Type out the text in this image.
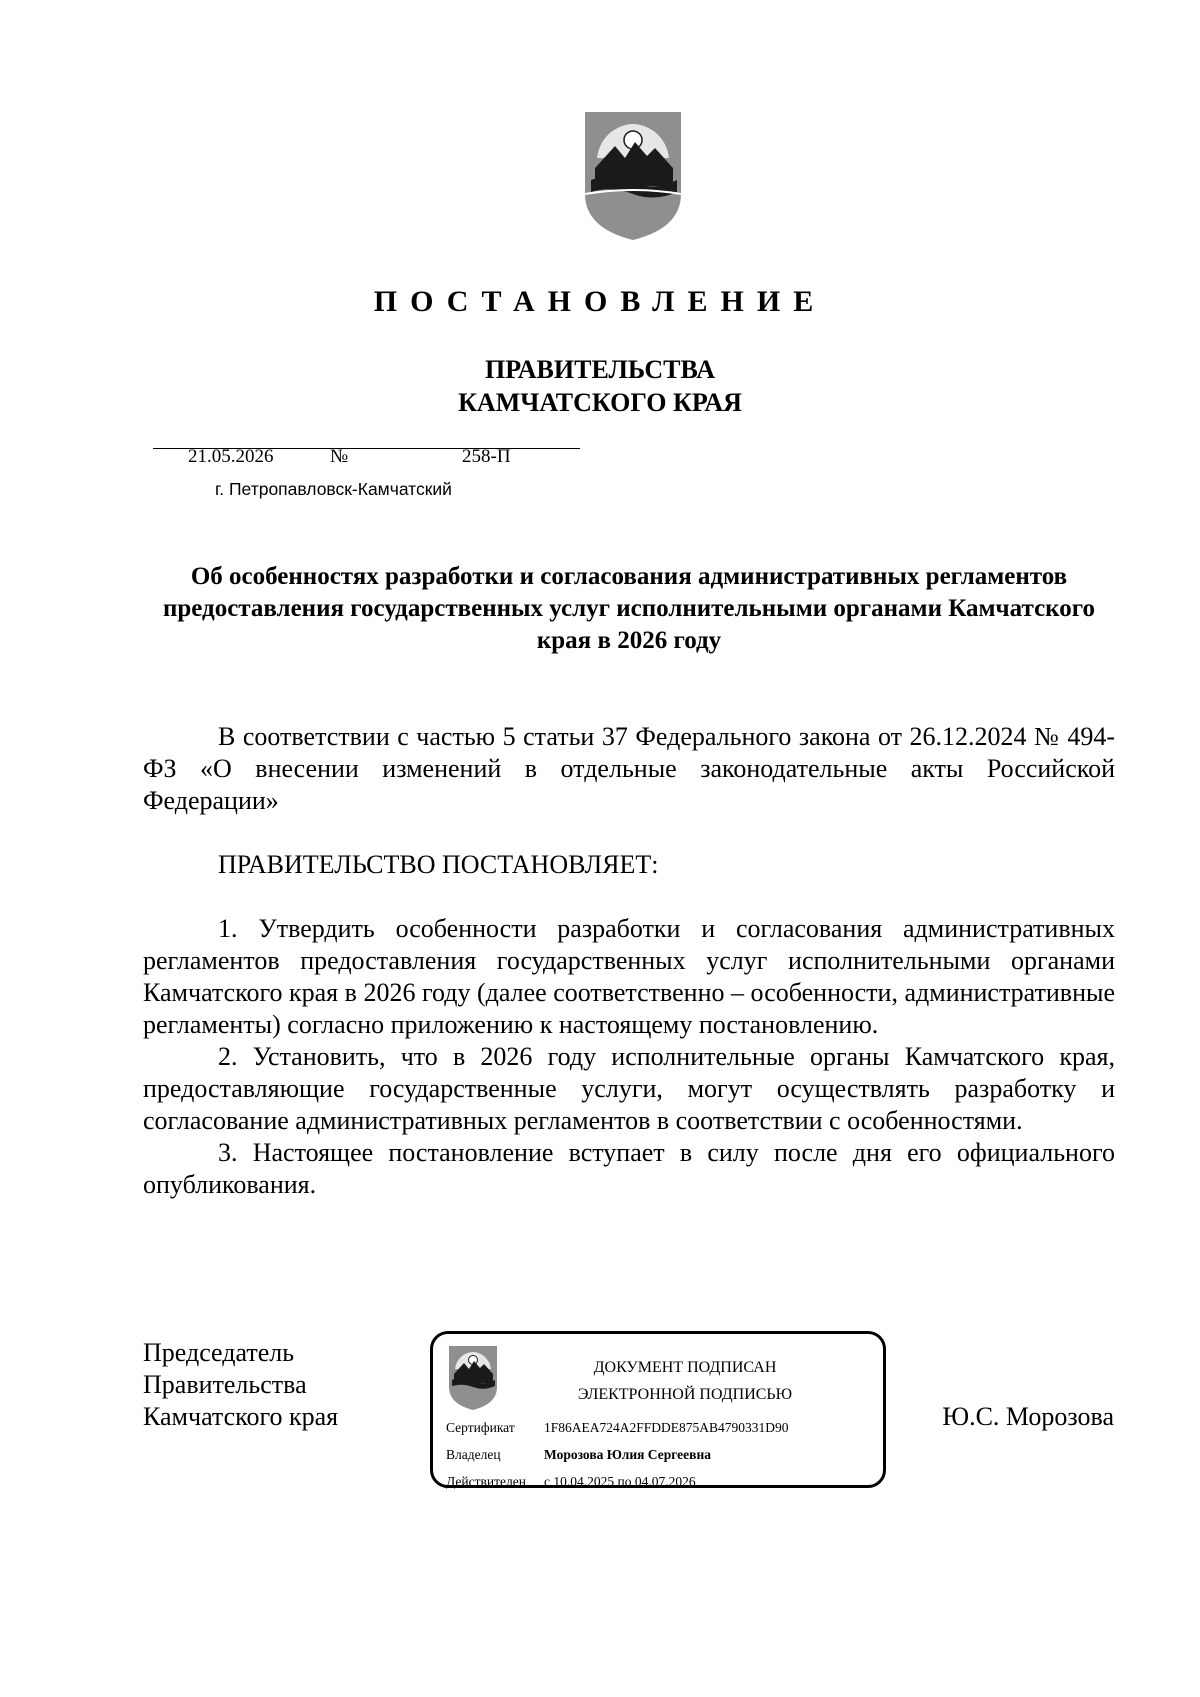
ПОСТАНОВЛЕНИЕ
ПРАВИТЕЛЬСТВА
КАМЧАТСКОГО КРАЯ
21.05.2026	№	258-П
г. Петропавловск-Камчатский
Об особенностях разработки и согласования административных регламентов предоставления государственных услуг исполнительными органами Камчатского края в 2026 году

В соответствии с частью 5 статьи 37 Федерального закона от 26.12.2024 № 494-ФЗ «О внесении изменений в отдельные законодательные акты Российской Федерации»

ПРАВИТЕЛЬСТВО ПОСТАНОВЛЯЕТ:

1. Утвердить особенности разработки и согласования административных регламентов предоставления государственных услуг исполнительными органами Камчатского края в 2026 году (далее соответственно – особенности, административные регламенты) согласно приложению к настоящему постановлению.

2. Установить, что в 2026 году исполнительные органы Камчатского края, предоставляющие государственные услуги, могут осуществлять разработку и согласование административных регламентов в соответствии с особенностями.

3. Настоящее постановление вступает в силу после дня его официального опубликования.

Председатель
Правительства
Камчатского края	Ю.С. Морозова
ДОКУМЕНТ ПОДПИСАН
ЭЛЕКТРОННОЙ ПОДПИСЬЮ
Сертификат 1F86AEA724A2FFDDE875AB4790331D90
Владелец	Морозова Юлия Сергеевна
Действителен с 10.04.2025 по 04.07.2026
